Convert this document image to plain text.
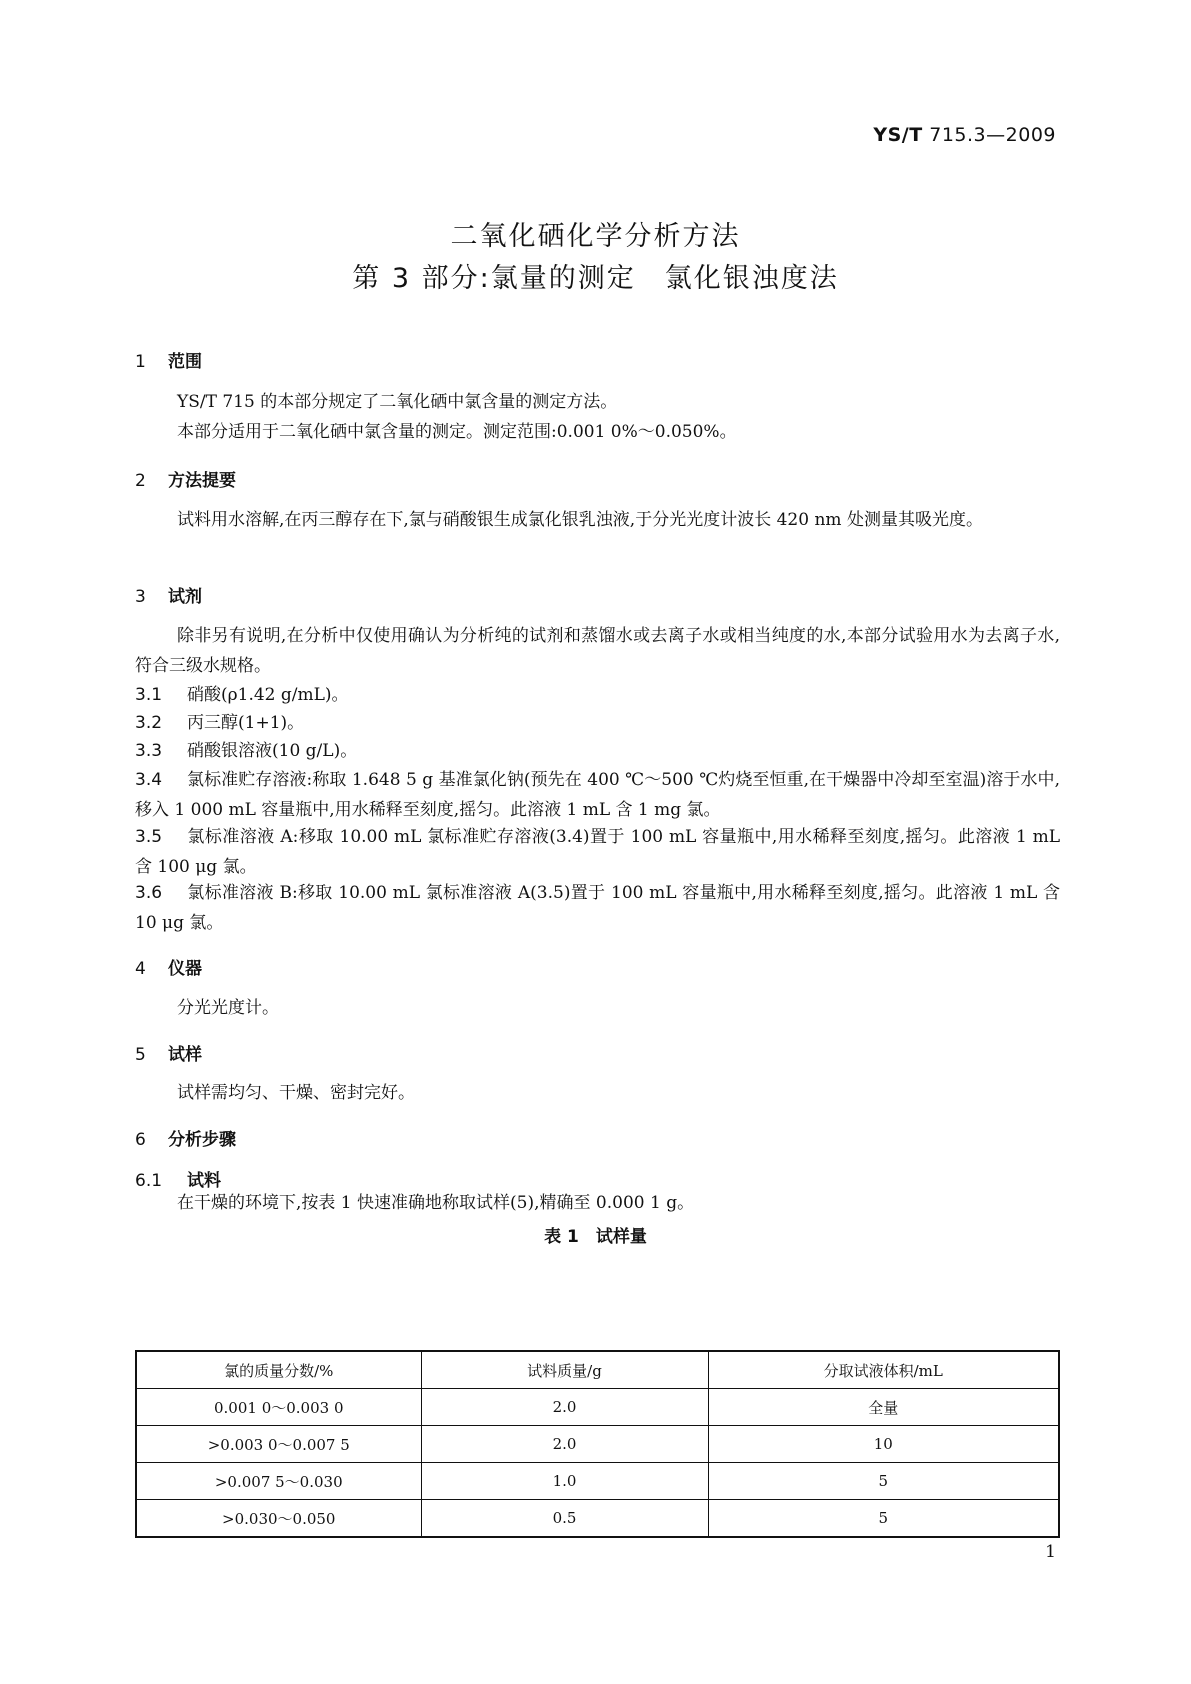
YS/T 715.3—2009
二氧化硒化学分析方法
第 3 部分:氯量的测定　氯化银浊度法
1 范围
YS/T 715 的本部分规定了二氧化硒中氯含量的测定方法。
本部分适用于二氧化硒中氯含量的测定。测定范围:0.001 0%～0.050%。
2 方法提要
试料用水溶解,在丙三醇存在下,氯与硝酸银生成氯化银乳浊液,于分光光度计波长 420 nm 处测量其吸光度。
3 试剂
除非另有说明,在分析中仅使用确认为分析纯的试剂和蒸馏水或去离子水或相当纯度的水,本部分试验用水为去离子水,符合三级水规格。
3.1 硝酸(ρ1.42 g/mL)。
3.2 丙三醇(1+1)。
3.3 硝酸银溶液(10 g/L)。
3.4 氯标准贮存溶液:称取 1.648 5 g 基准氯化钠(预先在 400 ℃～500 ℃灼烧至恒重,在干燥器中冷却至室温)溶于水中,移入 1 000 mL 容量瓶中,用水稀释至刻度,摇匀。此溶液 1 mL 含 1 mg 氯。
3.5 氯标准溶液 A:移取 10.00 mL 氯标准贮存溶液(3.4)置于 100 mL 容量瓶中,用水稀释至刻度,摇匀。此溶液 1 mL 含 100 μg 氯。
3.6 氯标准溶液 B:移取 10.00 mL 氯标准溶液 A(3.5)置于 100 mL 容量瓶中,用水稀释至刻度,摇匀。此溶液 1 mL 含 10 μg 氯。
4 仪器
分光光度计。
5 试样
试样需均匀、干燥、密封完好。
6 分析步骤
6.1 试料
在干燥的环境下,按表 1 快速准确地称取试样(5),精确至 0.000 1 g。
表 1　试样量
氯的质量分数/%	试料质量/g	分取试液体积/mL
0.001 0～0.003 0	2.0	全量
>0.003 0～0.007 5	2.0	10
>0.007 5～0.030	1.0	5
>0.030～0.050	0.5	5
1
